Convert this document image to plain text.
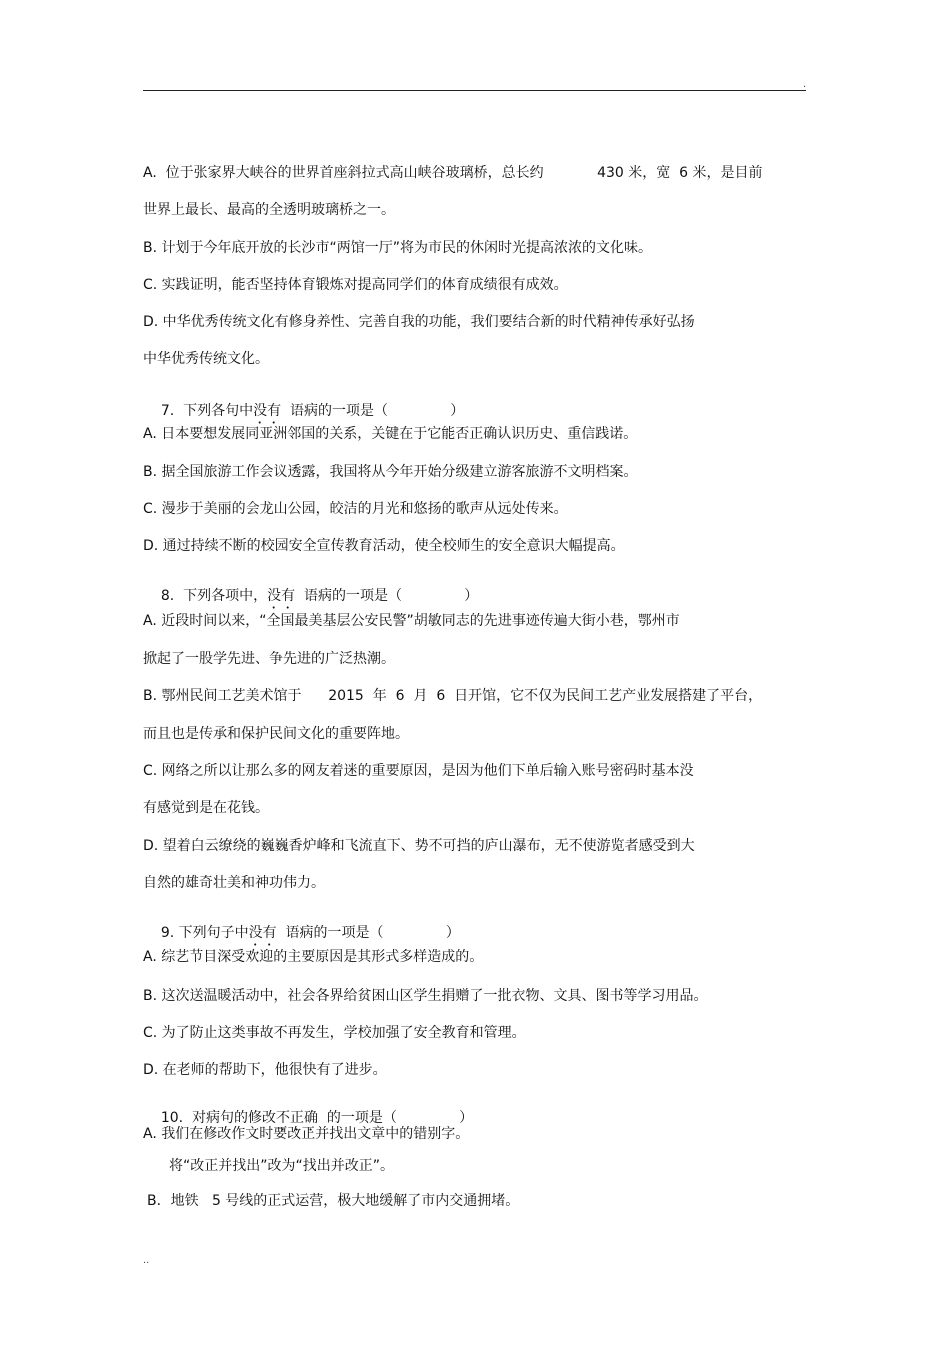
.
A.  位于张家界大峡谷的世界首座斜拉式高山峡谷玻璃桥，总长约            430 米，宽  6 米，是目前
世界上最长、最高的全透明玻璃桥之一。
B. 计划于今年底开放的长沙市“两馆一厅”将为市民的休闲时光提高浓浓的文化味。
C. 实践证明，能否坚持体育锻炼对提高同学们的体育成绩很有成效。
D. 中华优秀传统文化有修身养性、完善自我的功能，我们要结合新的时代精神传承好弘扬
中华优秀传统文化。

7.  下列各句中没有  语病的一项是（              ）

A. 日本要想发展同亚洲邻国的关系，关键在于它能否正确认识历史、重信践诺。
B. 据全国旅游工作会议透露，我国将从今年开始分级建立游客旅游不文明档案。
C. 漫步于美丽的会龙山公园，皎洁的月光和悠扬的歌声从远处传来。
D. 通过持续不断的校园安全宣传教育活动，使全校师生的安全意识大幅提高。

8.  下列各项中，没有  语病的一项是（              ）

A. 近段时间以来，“全国最美基层公安民警”胡敏同志的先进事迹传遍大街小巷，鄂州市
掀起了一股学先进、争先进的广泛热潮。
B. 鄂州民间工艺美术馆于      2015  年  6  月  6  日开馆，它不仅为民间工艺产业发展搭建了平台，
而且也是传承和保护民间文化的重要阵地。
C. 网络之所以让那么多的网友着迷的重要原因，是因为他们下单后输入账号密码时基本没
有感觉到是在花钱。
D. 望着白云缭绕的巍巍香炉峰和飞流直下、势不可挡的庐山瀑布，无不使游览者感受到大
自然的雄奇壮美和神功伟力。

9. 下列句子中没有  语病的一项是（              ）

A. 综艺节目深受欢迎的主要原因是其形式多样造成的。
B. 这次送温暖活动中，社会各界给贫困山区学生捐赠了一批衣物、文具、图书等学习用品。
C. 为了防止这类事故不再发生，学校加强了安全教育和管理。
D. 在老师的帮助下，他很快有了进步。

10.  对病句的修改不正确  的一项是（              ）

A. 我们在修改作文时要改正并找出文章中的错别字。
将“改正并找出”改为“找出并改正”。
B．地铁   5 号线的正式运营，极大地缓解了市内交通拥堵。
..
